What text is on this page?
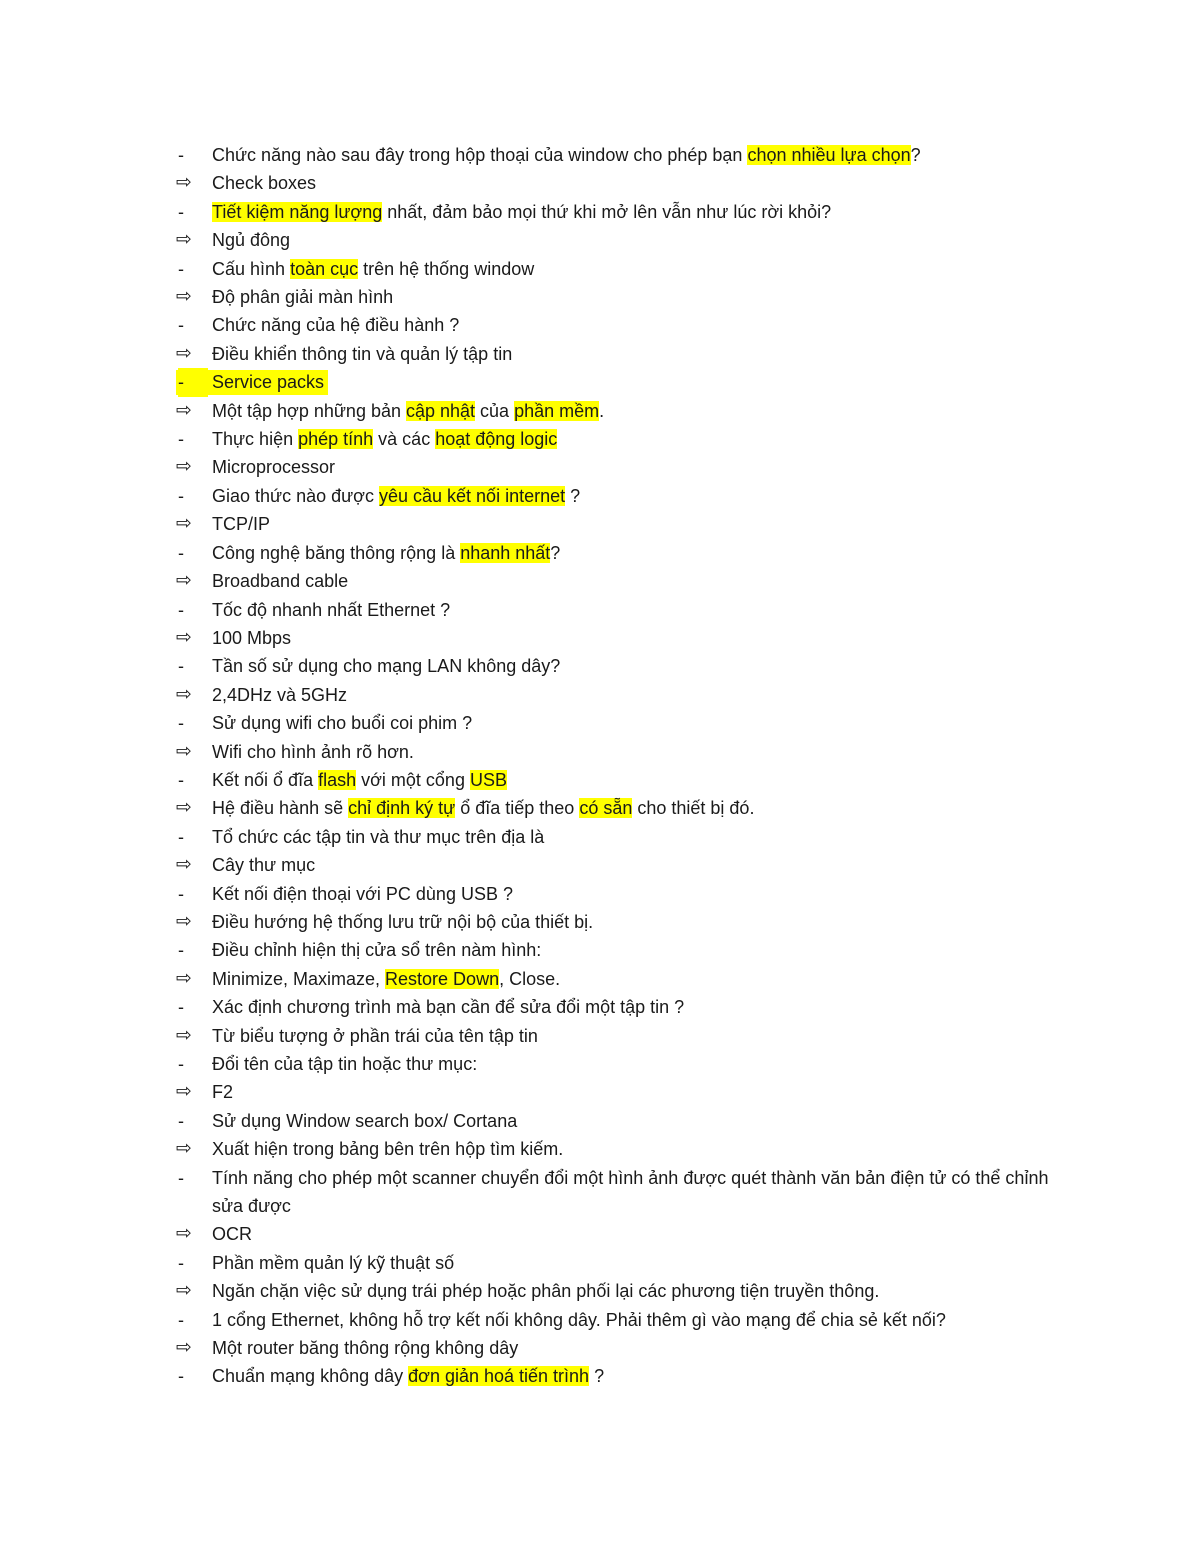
-	Chức năng nào sau đây trong hộp thoại của window cho phép bạn chọn nhiều lựa chọn?
⇨	Check boxes
-	Tiết kiệm năng lượng nhất, đảm bảo mọi thứ khi mở lên vẫn như lúc rời khỏi?
⇨	Ngủ đông
-	Cấu hình toàn cục trên hệ thống window
⇨	Độ phân giải màn hình
-	Chức năng của hệ điều hành ?
⇨	Điều khiển thông tin và quản lý tập tin
-	Service packs
⇨	Một tập hợp những bản cập nhật của phần mềm.
-	Thực hiện phép tính và các hoạt động logic
⇨	Microprocessor
-	Giao thức nào được yêu cầu kết nối internet ?
⇨	TCP/IP
-	Công nghệ băng thông rộng là nhanh nhất?
⇨	Broadband cable
-	Tốc độ nhanh nhất Ethernet ?
⇨	100 Mbps
-	Tần số sử dụng cho mạng LAN không dây?
⇨	2,4DHz và 5GHz
-	Sử dụng wifi cho buổi coi phim ?
⇨	Wifi cho hình ảnh rõ hơn.
-	Kết nối ổ đĩa flash với một cổng USB
⇨	Hệ điều hành sẽ chỉ định ký tự ổ đĩa tiếp theo có sẵn cho thiết bị đó.
-	Tổ chức các tập tin và thư mục trên địa là
⇨	Cây thư mục
-	Kết nối điện thoại với PC dùng USB ?
⇨	Điều hướng hệ thống lưu trữ nội bộ của thiết bị.
-	Điều chỉnh hiện thị cửa sổ trên nàm hình:
⇨	Minimize, Maximaze, Restore Down, Close.
-	Xác định chương trình mà bạn cần để sửa đổi một tập tin ?
⇨	Từ biểu tượng ở phần trái của tên tập tin
-	Đổi tên của tập tin hoặc thư mục:
⇨	F2
-	Sử dụng Window search box/ Cortana
⇨	Xuất hiện trong bảng bên trên hộp tìm kiếm.
-	Tính năng cho phép một scanner chuyển đổi một hình ảnh được quét thành văn bản điện tử có thể chỉnh sửa được
⇨	OCR
-	Phần mềm quản lý kỹ thuật số
⇨	Ngăn chặn việc sử dụng trái phép hoặc phân phối lại các phương tiện truyền thông.
-	1 cổng Ethernet, không hỗ trợ kết nối không dây. Phải thêm gì vào mạng để chia sẻ kết nối?
⇨	Một router băng thông rộng không dây
-	Chuẩn mạng không dây đơn giản hoá tiến trình ?
